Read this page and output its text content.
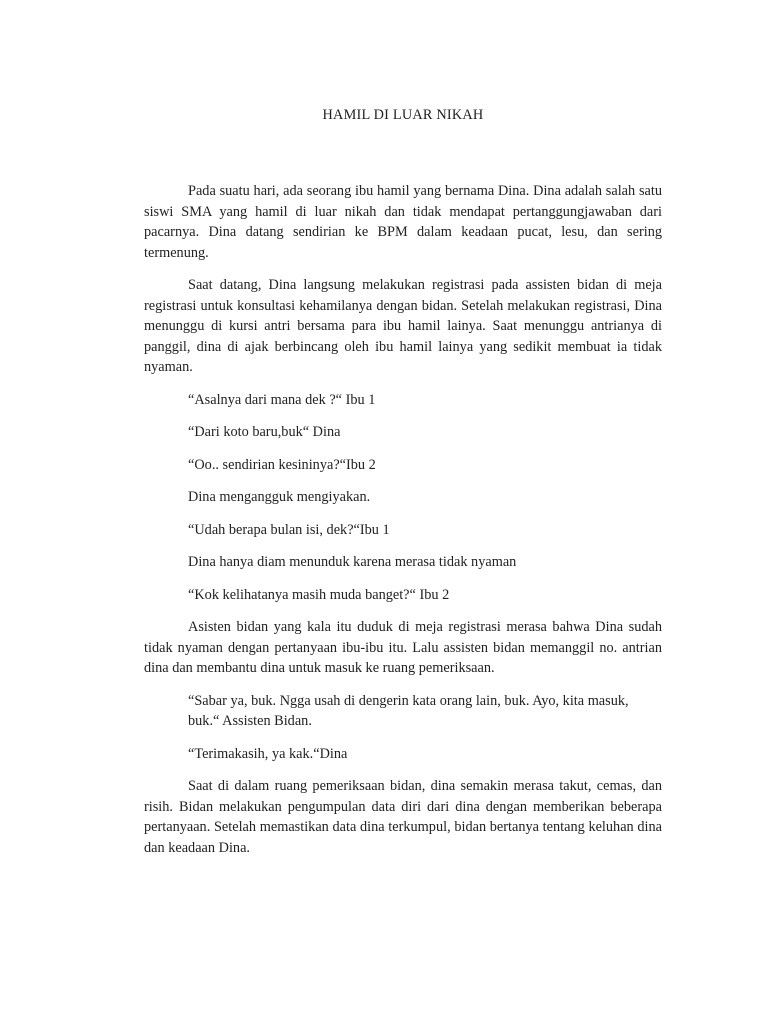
HAMIL DI LUAR NIKAH

Pada suatu hari, ada seorang ibu hamil yang bernama Dina. Dina adalah salah satu siswi SMA yang hamil di luar nikah dan tidak mendapat pertanggungjawaban dari pacarnya. Dina datang sendirian ke BPM dalam keadaan pucat, lesu, dan sering termenung.

Saat datang, Dina langsung melakukan registrasi pada assisten bidan di meja registrasi untuk konsultasi kehamilanya dengan bidan. Setelah melakukan registrasi, Dina menunggu di kursi antri bersama para ibu hamil lainya. Saat menunggu antrianya di panggil, dina di ajak berbincang oleh ibu hamil lainya yang sedikit membuat ia tidak nyaman.

“Asalnya dari mana dek ?“ Ibu 1

“Dari koto baru,buk“ Dina

“Oo.. sendirian kesininya?“Ibu 2

Dina mengangguk mengiyakan.

“Udah berapa bulan isi, dek?“Ibu 1

Dina hanya diam menunduk karena merasa tidak nyaman

“Kok kelihatanya masih muda banget?“ Ibu 2

Asisten bidan yang kala itu duduk di meja registrasi merasa bahwa Dina sudah tidak nyaman dengan pertanyaan ibu-ibu itu. Lalu assisten bidan memanggil no. antrian dina dan membantu dina untuk masuk ke ruang pemeriksaan.

“Sabar ya, buk. Ngga usah di dengerin kata orang lain, buk. Ayo, kita masuk, buk.“ Assisten Bidan.

“Terimakasih, ya kak.“Dina

Saat di dalam ruang pemeriksaan bidan, dina semakin merasa takut, cemas, dan risih. Bidan melakukan pengumpulan data diri dari dina dengan memberikan beberapa pertanyaan. Setelah memastikan data dina terkumpul, bidan bertanya tentang keluhan dina dan keadaan Dina.
